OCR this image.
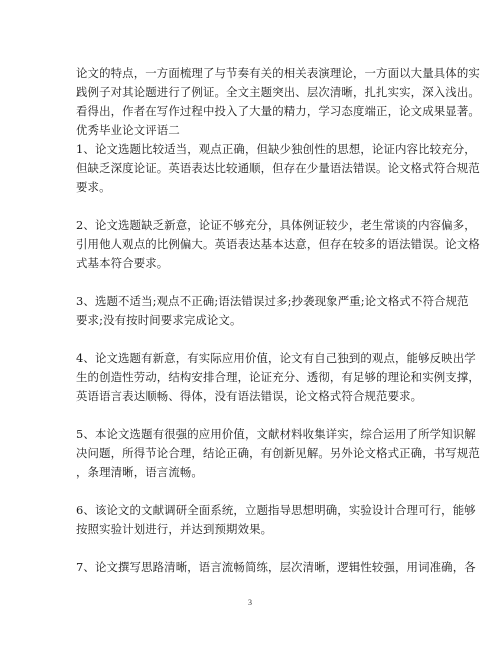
论文的特点，一方面梳理了与节奏有关的相关表演理论，一方面以大量具体的实
践例子对其论题进行了例证。全文主题突出、层次清晰，扎扎实实，深入浅出。
看得出，作者在写作过程中投入了大量的精力，学习态度端正，论文成果显著。
优秀毕业论文评语二
1、论文选题比较适当，观点正确，但缺少独创性的思想，论证内容比较充分，
但缺乏深度论证。英语表达比较通顺，但存在少量语法错误。论文格式符合规范
要求。
2、论文选题缺乏新意，论证不够充分，具体例证较少，老生常谈的内容偏多，
引用他人观点的比例偏大。英语表达基本达意，但存在较多的语法错误。论文格
式基本符合要求。
3、选题不适当;观点不正确;语法错误过多;抄袭现象严重;论文格式不符合规范
要求;没有按时间要求完成论文。
4、论文选题有新意，有实际应用价值，论文有自己独到的观点，能够反映出学
生的创造性劳动，结构安排合理，论证充分、透彻，有足够的理论和实例支撑，
英语语言表达顺畅、得体，没有语法错误，论文格式符合规范要求。
5、本论文选题有很强的应用价值，文献材料收集详实，综合运用了所学知识解
决问题，所得节论合理，结论正确，有创新见解。另外论文格式正确，书写规范
，条理清晰，语言流畅。
6、该论文的文献调研全面系统，立题指导思想明确，实验设计合理可行，能够
按照实验计划进行，并达到预期效果。
7、论文撰写思路清晰，语言流畅简练，层次清晰，逻辑性较强，用词准确，各
3
